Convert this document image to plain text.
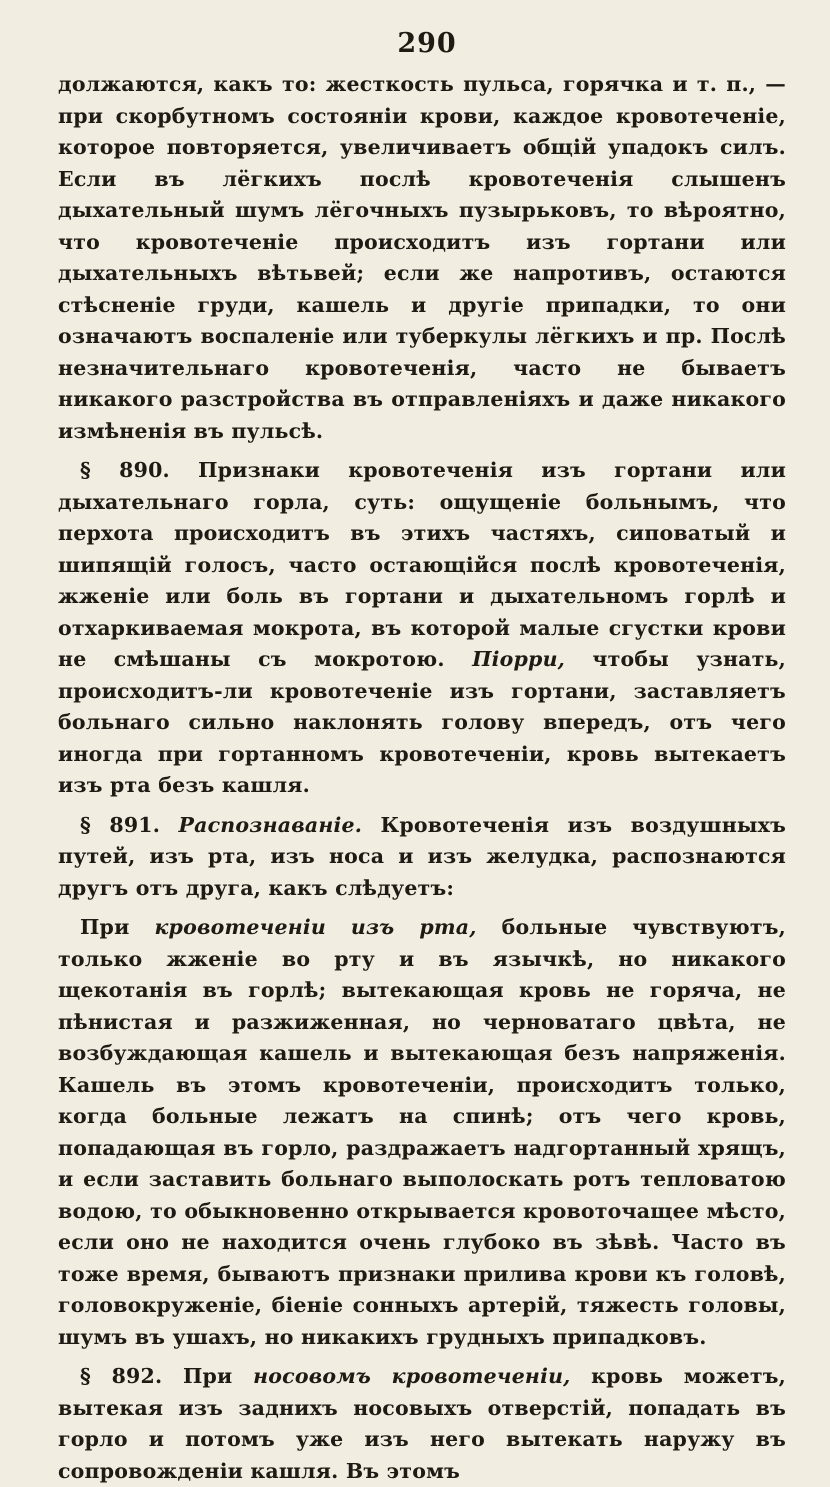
290

должаются, какъ то: жесткость пульса, горячка и т. п., — при скорбутномъ состояніи крови, каждое кровотеченіе, которое повторяется, увеличиваетъ общій упадокъ силъ. Если въ лёгкихъ послѣ кровотеченія слышенъ дыхательный шумъ лёгочныхъ пузырьковъ, то вѣроятно, что кровотеченіе происходитъ изъ гортани или дыхательныхъ вѣтьвей; если же напротивъ, остаются стѣсненіе груди, кашель и другіе припадки, то они означаютъ воспаленіе или туберкулы лёгкихъ и пр. Послѣ незначительнаго кровотеченія, часто не бываетъ никакого разстройства въ отправленіяхъ и даже никакого измѣненія въ пульсѣ.

§ 890. Признаки кровотеченія изъ гортани или дыхательнаго горла, суть: ощущеніе больнымъ, что перхота происходитъ въ этихъ частяхъ, сиповатый и шипящій голосъ, часто остающійся послѣ кровотеченія, жженіе или боль въ гортани и дыхательномъ горлѣ и отхаркиваемая мокрота, въ которой малые сгустки крови не смѣшаны съ мокротою. Піорри, чтобы узнать, происходитъ-ли кровотеченіе изъ гортани, заставляетъ больнаго сильно наклонять голову впередъ, отъ чего иногда при гортанномъ кровотеченіи, кровь вытекаетъ изъ рта безъ кашля.

§ 891. Распознаваніе. Кровотеченія изъ воздушныхъ путей, изъ рта, изъ носа и изъ желудка, распознаются другъ отъ друга, какъ слѣдуетъ:

При кровотеченіи изъ рта, больные чувствуютъ, только жженіе во рту и въ язычкѣ, но никакого щекотанія въ горлѣ; вытекающая кровь не горяча, не пѣнистая и разжиженная, но черноватаго цвѣта, не возбуждающая кашель и вытекающая безъ напряженія. Кашель въ этомъ кровотеченіи, происходитъ только, когда больные лежатъ на спинѣ; отъ чего кровь, попадающая въ горло, раздражаетъ надгортанный хрящъ, и если заставить больнаго выполоскать ротъ тепловатою водою, то обыкновенно открывается кровоточащее мѣсто, если оно не находится очень глубоко въ зѣвѣ. Часто въ тоже время, бываютъ признаки прилива крови къ головѣ, головокруженіе, біеніе сонныхъ артерій, тяжесть головы, шумъ въ ушахъ, но никакихъ грудныхъ припадковъ.

§ 892. При носовомъ кровотеченіи, кровь можетъ, вытекая изъ заднихъ носовыхъ отверстій, попадать въ горло и потомъ уже изъ него вытекать наружу въ сопровожденіи кашля. Въ этомъ
